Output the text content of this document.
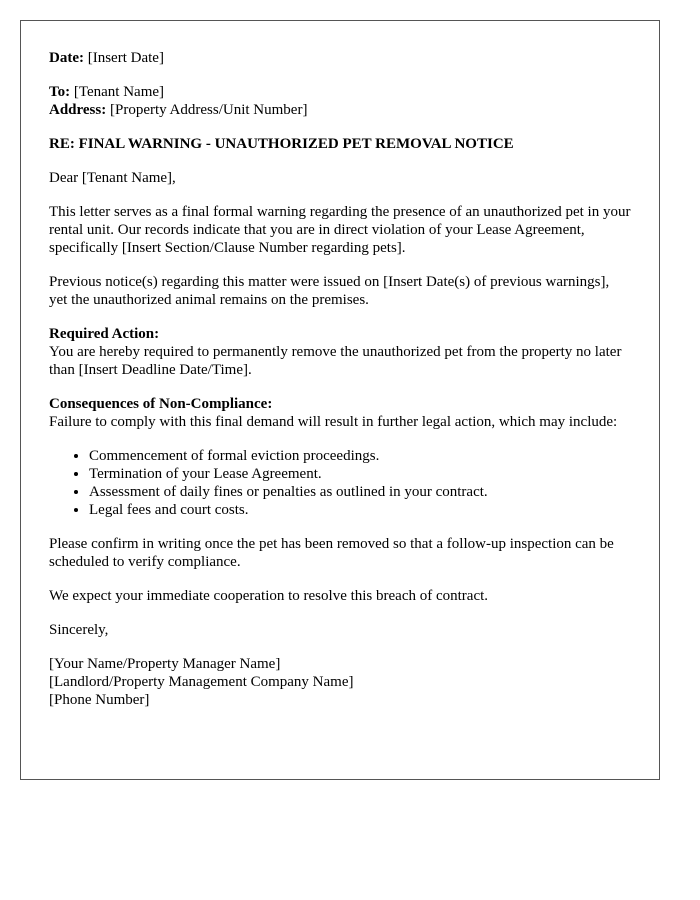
Date: [Insert Date]

To: [Tenant Name]

Address: [Property Address/Unit Number]

RE: FINAL WARNING - UNAUTHORIZED PET REMOVAL NOTICE

Dear [Tenant Name],

This letter serves as a final formal warning regarding the presence of an unauthorized pet in your rental unit. Our records indicate that you are in direct violation of your Lease Agreement, specifically [Insert Section/Clause Number regarding pets].

Previous notice(s) regarding this matter were issued on [Insert Date(s) of previous warnings], yet the unauthorized animal remains on the premises.

Required Action:

You are hereby required to permanently remove the unauthorized pet from the property no later than [Insert Deadline Date/Time].

Consequences of Non-Compliance:

Failure to comply with this final demand will result in further legal action, which may include:

• Commencement of formal eviction proceedings.
• Termination of your Lease Agreement.
• Assessment of daily fines or penalties as outlined in your contract.
• Legal fees and court costs.

Please confirm in writing once the pet has been removed so that a follow-up inspection can be scheduled to verify compliance.

We expect your immediate cooperation to resolve this breach of contract.

Sincerely,

[Your Name/Property Manager Name]

[Landlord/Property Management Company Name]

[Phone Number]
